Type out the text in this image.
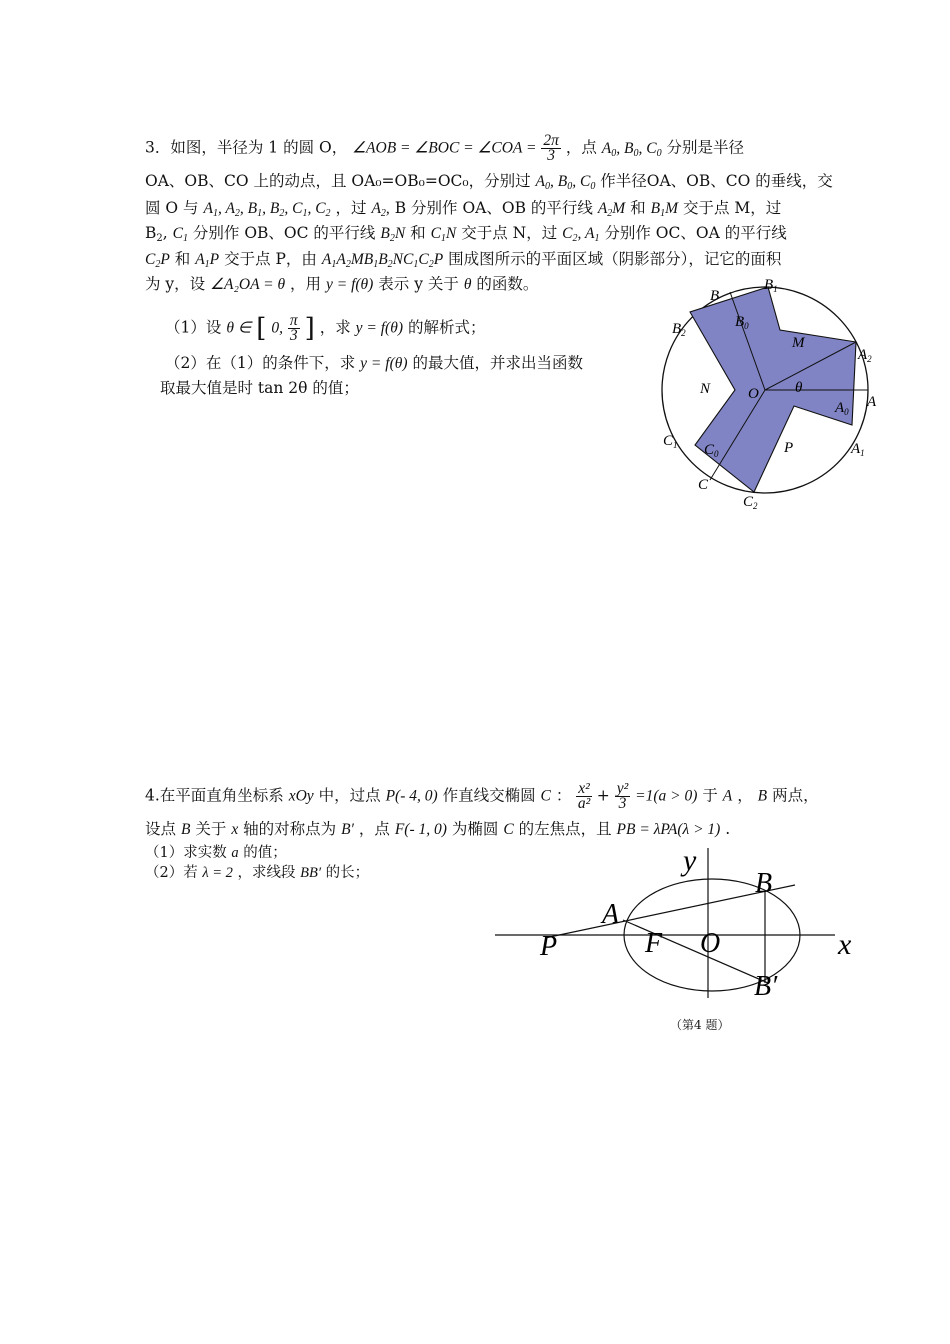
3．如图，半径为 1 的圆 O， ∠AOB = ∠BOC = ∠COA = $\frac{2\pi}{3}$ ，点 $A_0$, $B_0$, $C_0$ 分别是半径
OA、OB、CO 上的动点，且 OA₀=OB₀=OC₀，分别过 $A_0$, $B_0$, $C_0$ 作半径OA、OB、CO 的垂线，交
圆 O 与 $A_1$, $A_2$, $B_1$, $B_2$, $C_1$, $C_2$ ，过 $A_2$, B 分别作 OA、OB 的平行线 $A_2M$ 和 $B_1M$ 交于点 M，过
$B_2$, $C_1$ 分别作 OB、OC 的平行线 $B_2N$ 和 $C_1N$ 交于点 N，过 $C_2$, $A_1$ 分别作 OC、OA 的平行线
$C_2P$ 和 $A_1P$ 交于点 P，由 $A_1A_2MB_1B_2NC_1C_2P$ 围成图所示的平面区域（阴影部分），记它的面积
为 y，设 ∠A₂OA = θ ，用 y = f(θ) 表示 y 关于 θ 的函数。
（1）设 θ ∈ [ 0, $\frac{\pi}{3}$ ] ，求 y = f(θ) 的解析式；
（2）在（1）的条件下，求 y = f(θ) 的最大值，并求出当函数
取最大值是时 tan 2θ 的值；
B
$B_1$
$B_0$
$B_2$
M
$A_2$
N	O θ
A
$A_0$
$C_1$ $C_0$	P	$A_1$
C
$C_2$
4.在平面直角坐标系 xOy 中，过点 P(- 4, 0) 作直线交椭圆 C ： $\frac{\text{x²}}{\text{a²}} + \frac{\text{y²}}{3} =1(a > 0)$ 于 A ， B 两点，
设点 B 关于 x 轴的对称点为 B′ ，点 F(- 1, 0) 为椭圆 C 的左焦点，且 PB = λPA(λ > 1) .
（1）求实数 a 的值；
（2）若 λ = 2 ，求线段 BB′ 的长；	y
B
A
P	F O	x
B′
（第4 题）
